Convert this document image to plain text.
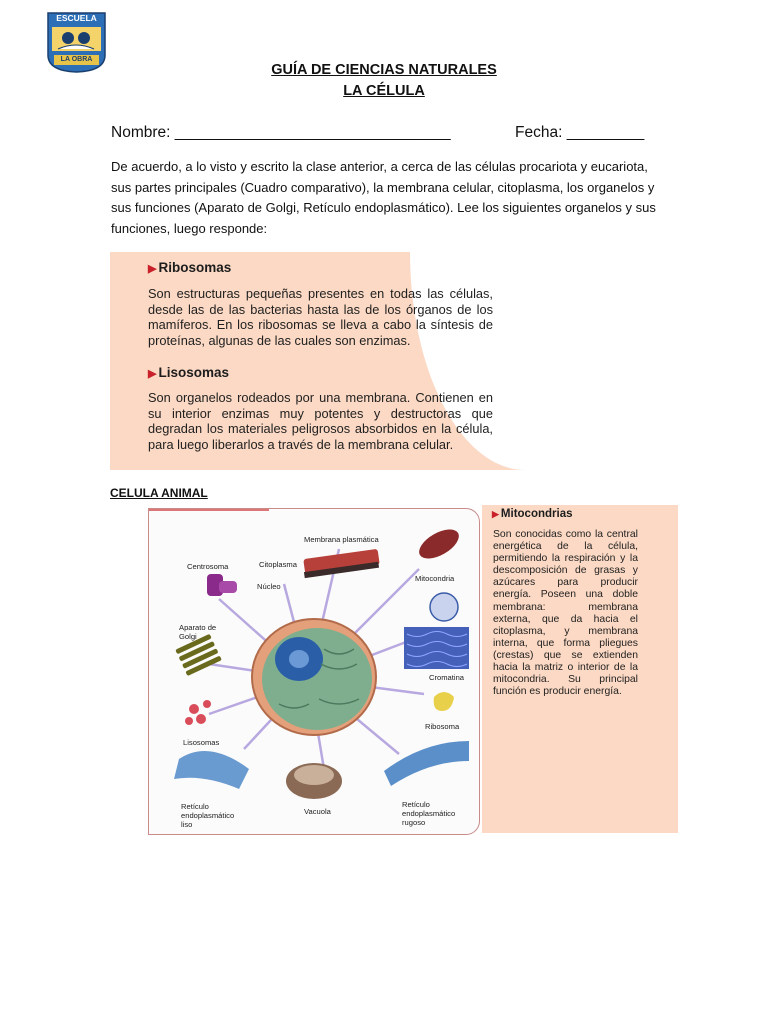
ESCUELA
LA OBRA
GUÍA DE CIENCIAS NATURALES
LA CÉLULA
Nombre: ________________________________	Fecha: _________
De acuerdo, a lo visto y escrito la clase anterior, a cerca de las células procariota y eucariota, sus partes principales (Cuadro comparativo), la membrana celular, citoplasma, los organelos y sus funciones (Aparato de Golgi, Retículo endoplasmático). Lee los siguientes organelos y sus funciones, luego responde:
▶ Ribosomas
Son estructuras pequeñas presentes en todas las células, desde las de las bacterias hasta las de los órganos de los mamíferos. En los ribosomas se lleva a cabo la síntesis de proteínas, algunas de las cuales son enzimas.
▶ Lisosomas
Son organelos rodeados por una membrana. Contienen en su interior enzimas muy potentes y destructoras que degradan los materiales peligrosos absorbidos en la célula, para luego liberarlos a través de la membrana celular.
CELULA ANIMAL
Membrana plasmática
Centrosoma	Citoplasma
Núcleo
Mitocondria
Aparato de
Golgi
Cromatina
Lisosomas
Ribosoma
Retículo
endoplasmático
liso
Vacuola
Retículo
endoplasmático
rugoso
▶ Mitocondrias
Son conocidas como la central energética de la célula, permitiendo la respiración y la descomposición de grasas y azúcares para producir energía. Poseen una doble membrana: membrana externa, que da hacia el citoplasma, y membrana interna, que forma pliegues (crestas) que se extienden hacia la matriz o interior de la mitocondria. Su principal función es producir energía.
